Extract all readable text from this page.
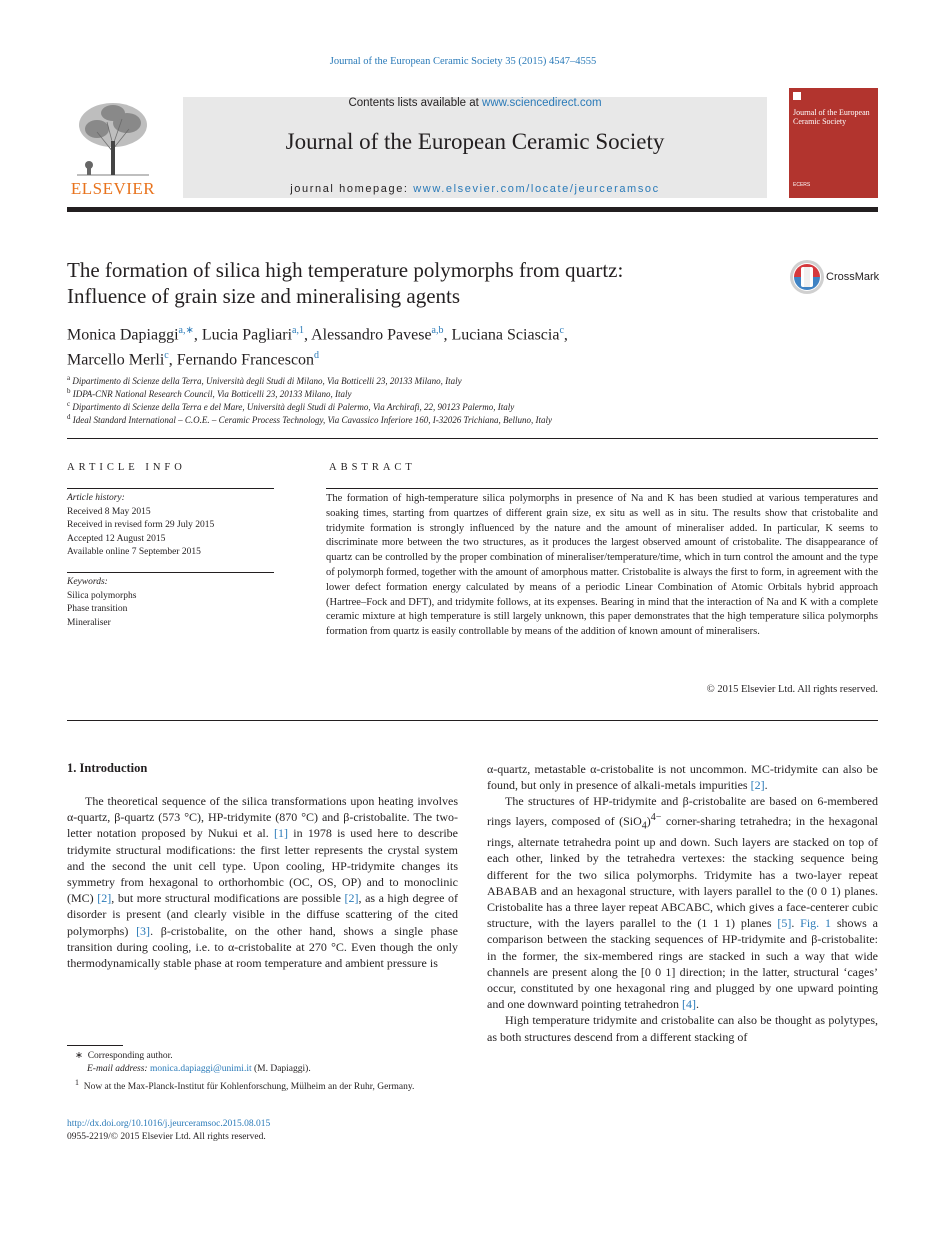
Journal of the European Ceramic Society 35 (2015) 4547–4555
ELSEVIER
Contents lists available at www.sciencedirect.com
Journal of the European Ceramic Society
journal homepage: www.elsevier.com/locate/jeurceramsoc
Journal of the European Ceramic Society
ECERS
The formation of silica high temperature polymorphs from quartz:
Influence of grain size and mineralising agents
CrossMark
Monica Dapiaggi$^{a,∗}$, Lucia Pagliari$^{a,1}$, Alessandro Pavese$^{a,b}$, Luciana Sciascia$^c$,
Marcello Merli$^c$, Fernando Francescon$^d$
$^a$ Dipartimento di Scienze della Terra, Università degli Studi di Milano, Via Botticelli 23, 20133 Milano, Italy
$^b$ IDPA-CNR National Research Council, Via Botticelli 23, 20133 Milano, Italy
$^c$ Dipartimento di Scienze della Terra e del Mare, Università degli Studi di Palermo, Via Archirafi, 22, 90123 Palermo, Italy
$^d$ Ideal Standard International – C.O.E. – Ceramic Process Technology, Via Cavassico Inferiore 160, I-32026 Trichiana, Belluno, Italy
ARTICLE INFO
Article history:
Received 8 May 2015
Received in revised form 29 July 2015
Accepted 12 August 2015
Available online 7 September 2015
Keywords:
Silica polymorphs
Phase transition
Mineraliser
ABSTRACT
The formation of high-temperature silica polymorphs in presence of Na and K has been studied at various temperatures and soaking times, starting from quartzes of different grain size, ex situ as well as in situ. The results show that cristobalite and tridymite formation is strongly influenced by the nature and the amount of mineraliser added. In particular, K seems to discriminate more between the two structures, as it produces the largest observed amount of cristobalite. The disappearance of quartz can be controlled by the proper combination of mineraliser/temperature/time, which in turn control the amount and the type of polymorph formed, together with the amount of amorphous matter. Cristobalite is always the first to form, in agreement with the lower defect formation energy calculated by means of a periodic Linear Combination of Atomic Orbitals hybrid approach (Hartree–Fock and DFT), and tridymite follows, at its expenses. Bearing in mind that the interaction of Na and K with a complete ceramic mixture at high temperature is still largely unknown, this paper demonstrates that the high temperature silica polymorphs formation from quartz is easily controllable by means of the addition of known amount of mineralisers.
© 2015 Elsevier Ltd. All rights reserved.
1. Introduction

The theoretical sequence of the silica transformations upon heating involves α-quartz, β-quartz (573 °C), HP-tridymite (870 °C) and β-cristobalite. The two-letter notation proposed by Nukui et al. [1] in 1978 is used here to describe tridymite structural modifications: the first letter represents the crystal system and the second the unit cell type. Upon cooling, HP-tridymite changes its symmetry from hexagonal to orthorhombic (OC, OS, OP) and to monoclinic (MC) [2], but more structural modifications are possible [2], as a high degree of disorder is present (and clearly visible in the diffuse scattering of the cited polymorphs) [3]. β-cristobalite, on the other hand, shows a single phase transition during cooling, i.e. to α-cristobalite at 270 °C. Even though the only thermodynamically stable phase at room temperature and ambient pressure is

α-quartz, metastable α-cristobalite is not uncommon. MC-tridymite can also be found, but only in presence of alkali-metals impurities [2].

The structures of HP-tridymite and β-cristobalite are based on 6-membered rings layers, composed of $(SiO_4)^{4-}$ corner-sharing tetrahedra; in the hexagonal rings, alternate tetrahedra point up and down. Such layers are stacked on top of each other, linked by the tetrahedra vertexes: the stacking sequence being different for the two silica polymorphs. Tridymite has a two-layer repeat ABABAB and an hexagonal structure, with layers parallel to the (0 0 1) planes. Cristobalite has a three layer repeat ABCABC, which gives a face-centerer cubic structure, with the layers parallel to the (1 1 1) planes [5]. Fig. 1 shows a comparison between the stacking sequences of HP-tridymite and β-cristobalite: in the former, the six-membered rings are stacked in such a way that wide channels are present along the [0 0 1] direction; in the latter, structural ‘cages’ occur, constituted by one hexagonal ring and plugged by one upward pointing and one downward pointing tetrahedron [4].

High temperature tridymite and cristobalite can also be thought as polytypes, as both structures descend from a different stacking of

∗ Corresponding author.
E-mail address: monica.dapiaggi@unimi.it (M. Dapiaggi).
$^1$ Now at the Max-Planck-Institut für Kohlenforschung, Mülheim an der Ruhr, Germany.
http://dx.doi.org/10.1016/j.jeurceramsoc.2015.08.015
0955-2219/© 2015 Elsevier Ltd. All rights reserved.
